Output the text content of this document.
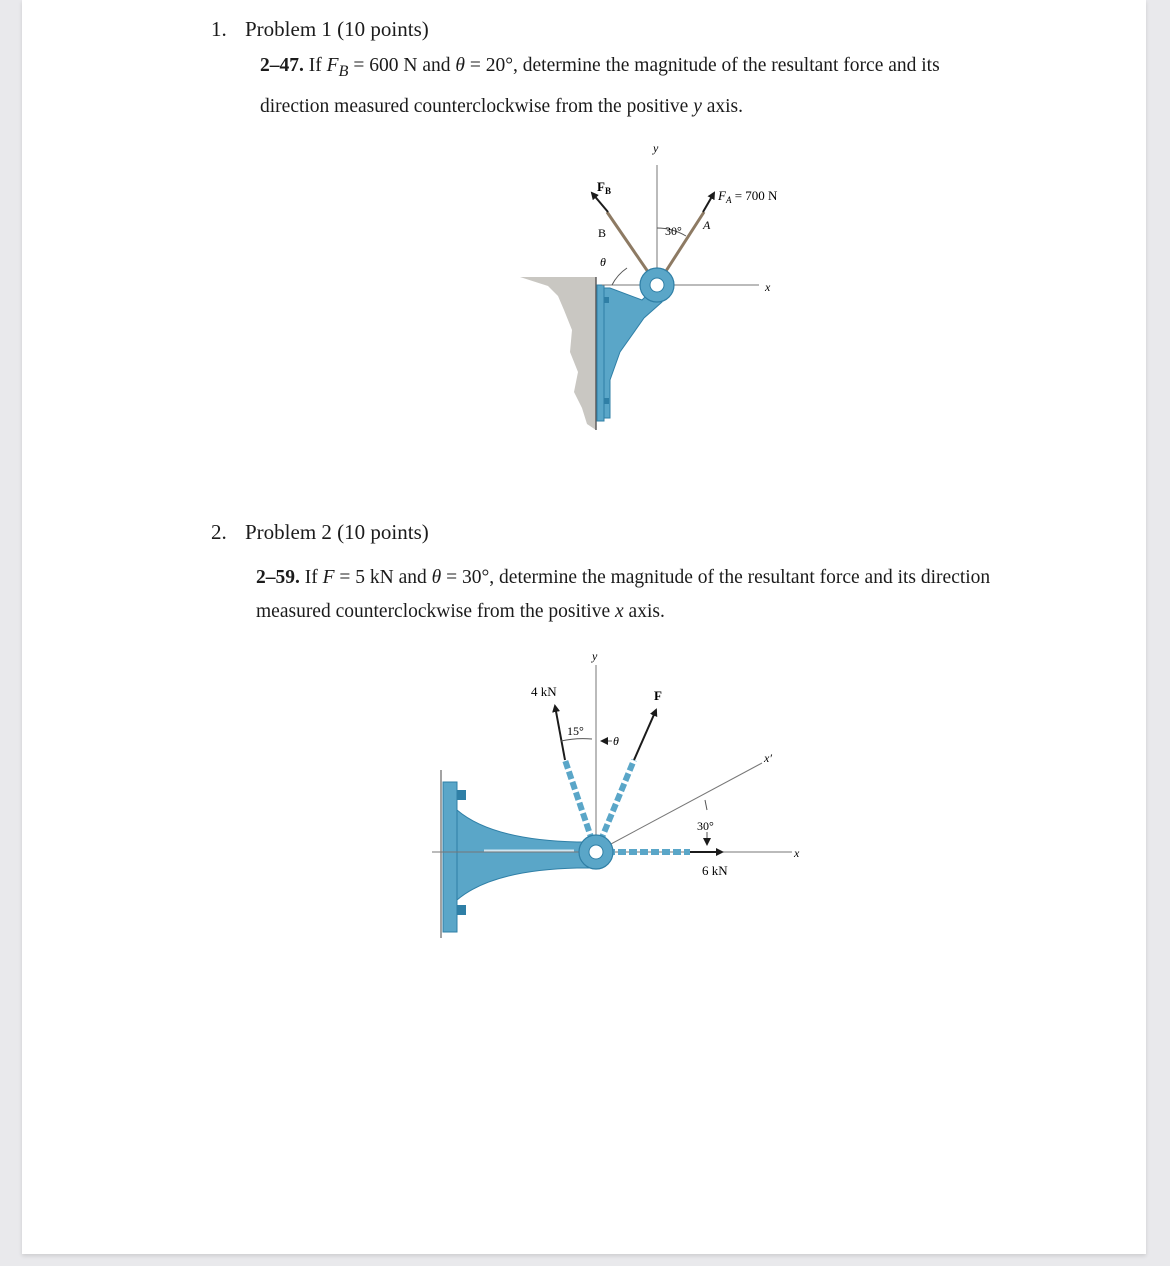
1. Problem 1 (10 points)
2–47. If $F_B = 600$ N and θ = 20°, determine the magnitude of the resultant force and its
direction measured counterclockwise from the positive y axis.
y
x
$F_B$	$F_A = 700$ N
B
A
θ
30°
2. Problem 2 (10 points)
2–59. If F = 5 kN and θ = 30°, determine the magnitude of the resultant force and its direction
measured counterclockwise from the positive x axis.
y
x
x′
4 kN	F
6 kN
15°
θ
30°
